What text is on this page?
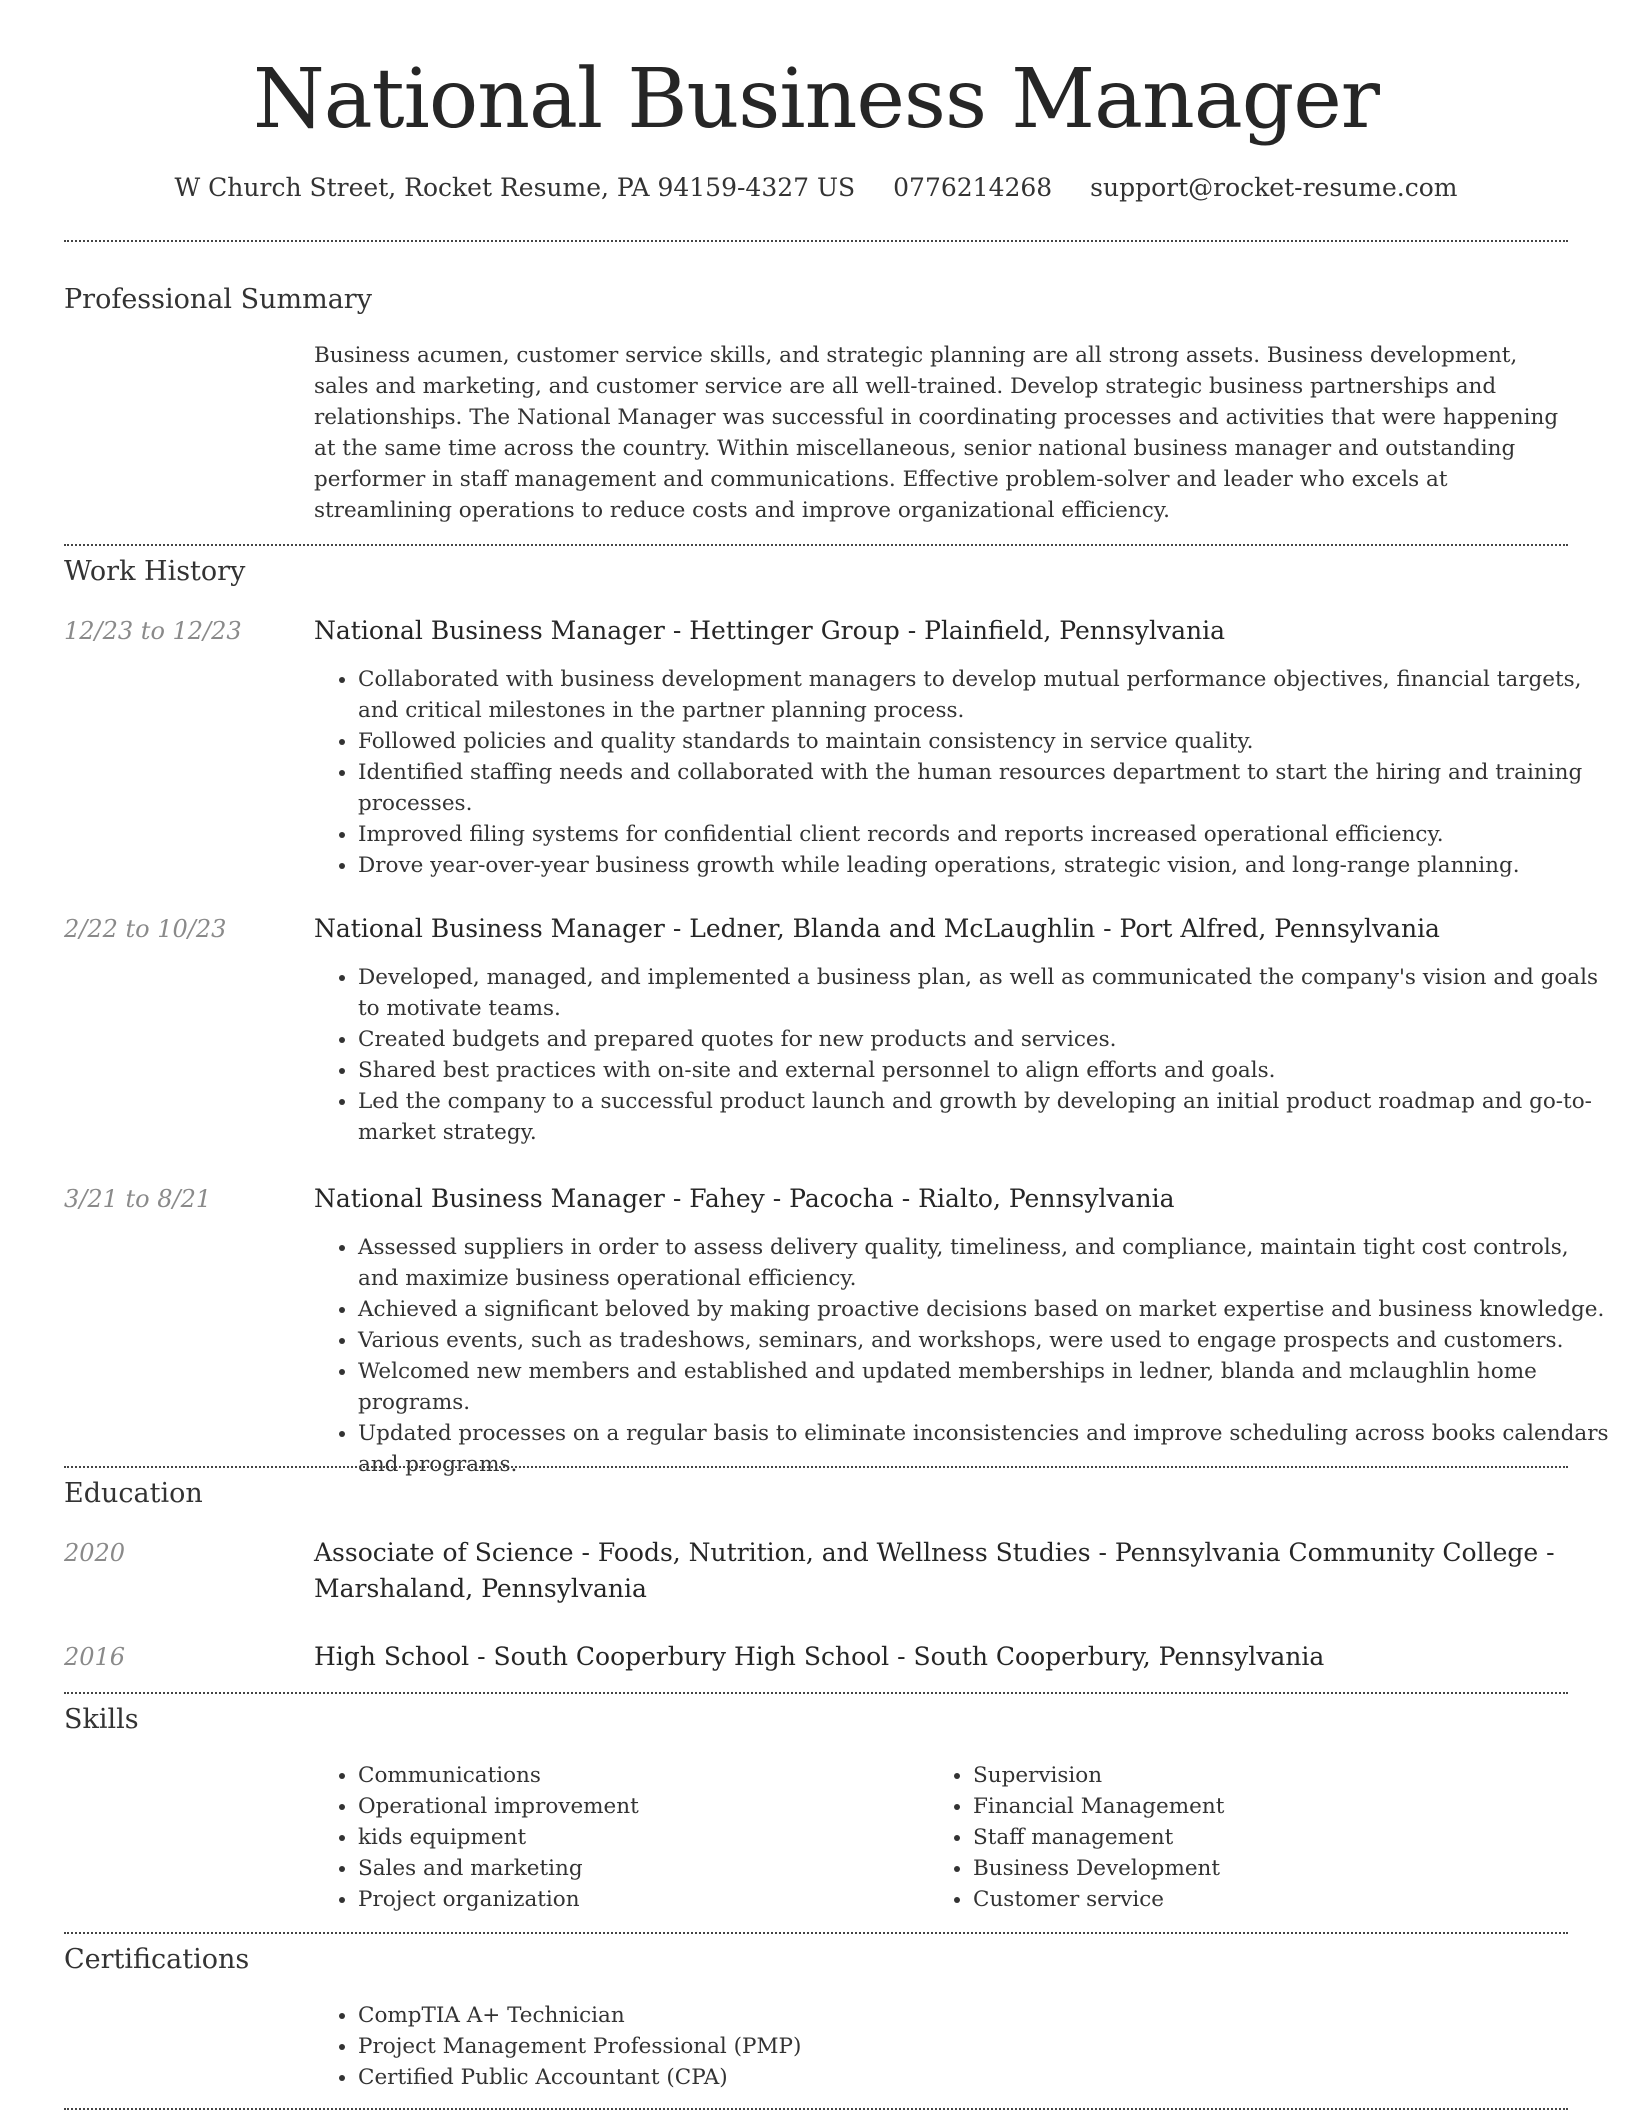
National Business Manager
W Church Street, Rocket Resume, PA 94159-4327 US 0776214268 support@rocket-resume.com
Professional Summary

Business acumen, customer service skills, and strategic planning are all strong assets. Business development, sales and marketing, and customer service are all well-trained. Develop strategic business partnerships and relationships. The National Manager was successful in coordinating processes and activities that were happening at the same time across the country. Within miscellaneous, senior national business manager and outstanding performer in staff management and communications. Effective problem-solver and leader who excels at streamlining operations to reduce costs and improve organizational efficiency.

Work History
12/23 to 12/23	National Business Manager - Hettinger Group - Plainfield, Pennsylvania
• Collaborated with business development managers to develop mutual performance objectives, financial targets, and critical milestones in the partner planning process.
• Followed policies and quality standards to maintain consistency in service quality.
• Identified staffing needs and collaborated with the human resources department to start the hiring and training processes.
• Improved filing systems for confidential client records and reports increased operational efficiency.
• Drove year-over-year business growth while leading operations, strategic vision, and long-range planning.
2/22 to 10/23	National Business Manager - Ledner, Blanda and McLaughlin - Port Alfred, Pennsylvania
• Developed, managed, and implemented a business plan, as well as communicated the company's vision and goals to motivate teams.
• Created budgets and prepared quotes for new products and services.
• Shared best practices with on-site and external personnel to align efforts and goals.
• Led the company to a successful product launch and growth by developing an initial product roadmap and go-to-market strategy.
3/21 to 8/21	National Business Manager - Fahey - Pacocha - Rialto, Pennsylvania
• Assessed suppliers in order to assess delivery quality, timeliness, and compliance, maintain tight cost controls, and maximize business operational efficiency.
• Achieved a significant beloved by making proactive decisions based on market expertise and business knowledge.
• Various events, such as tradeshows, seminars, and workshops, were used to engage prospects and customers.
• Welcomed new members and established and updated memberships in ledner, blanda and mclaughlin home programs.
• Updated processes on a regular basis to eliminate inconsistencies and improve scheduling across books calendars and programs.
Education
2020	Associate of Science - Foods, Nutrition, and Wellness Studies - Pennsylvania Community College - Marshaland, Pennsylvania
2016	High School - South Cooperbury High School - South Cooperbury, Pennsylvania
Skills
• Communications
• Operational improvement
• kids equipment
• Sales and marketing
• Project organization
• Supervision
• Financial Management
• Staff management
• Business Development
• Customer service
Certifications
• CompTIA A+ Technician
• Project Management Professional (PMP)
• Certified Public Accountant (CPA)
